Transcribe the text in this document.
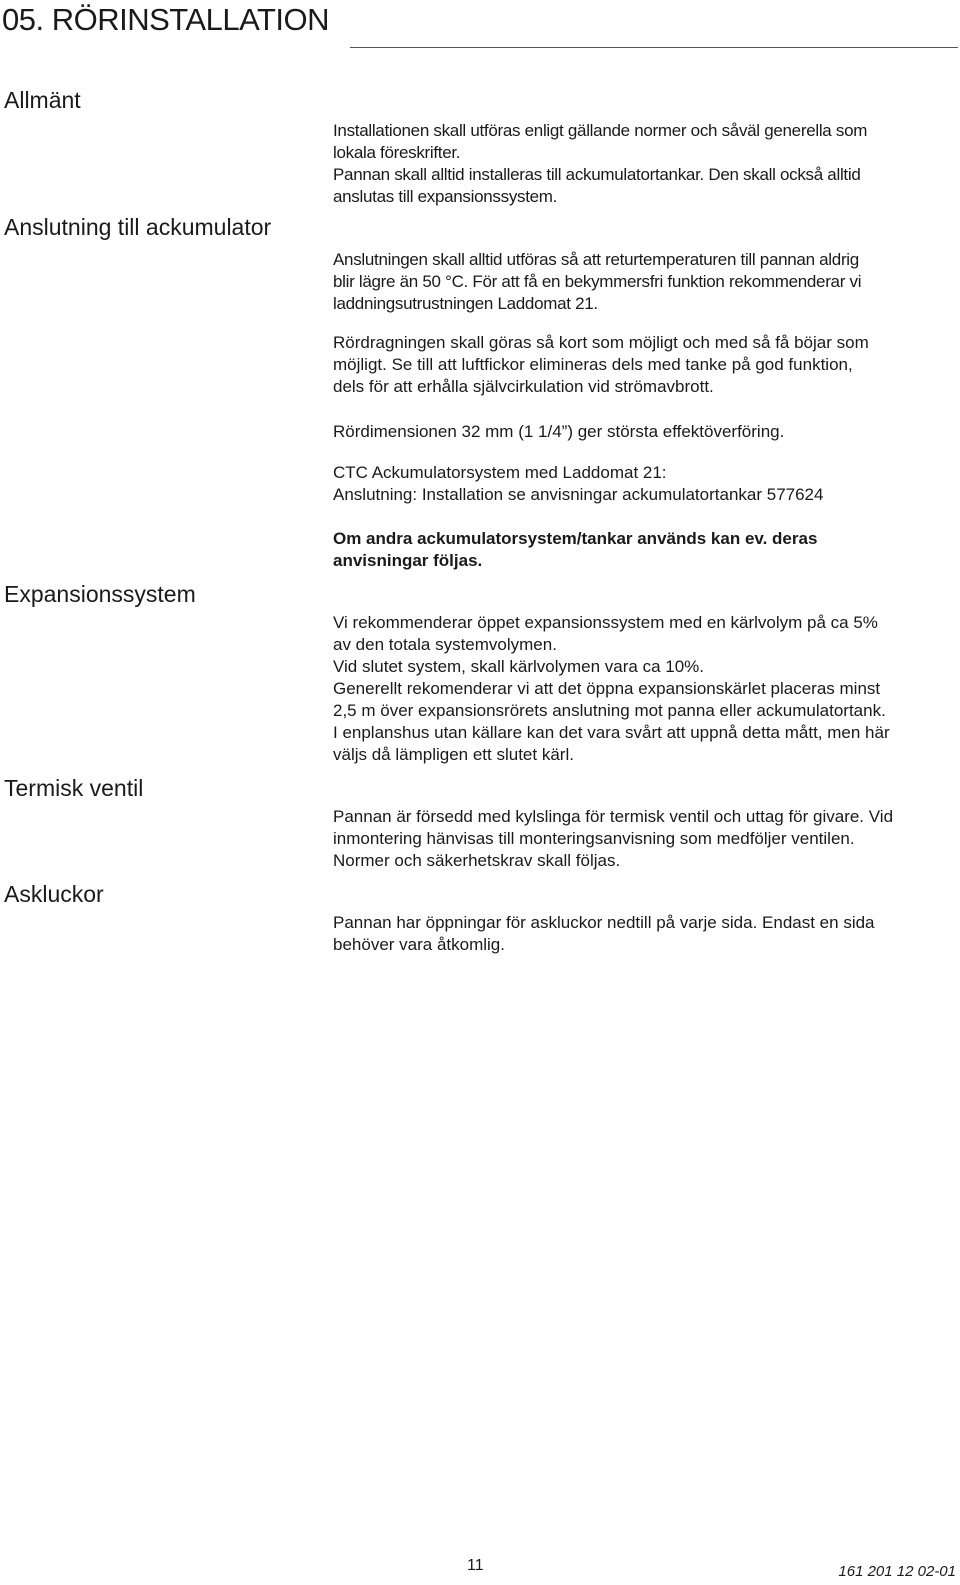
05. RÖRINSTALLATION
Allmänt
Anslutning till ackumulator
Expansionssystem
Termisk ventil
Askluckor
Installationen skall utföras enligt gällande normer och såväl generella som
lokala föreskrifter.
Pannan skall alltid installeras till ackumulatortankar. Den skall också alltid
anslutas till expansionssystem.
Anslutningen skall alltid utföras så att returtemperaturen till pannan aldrig
blir lägre än 50 °C. För att få en bekymmersfri funktion rekommenderar vi
laddningsutrustningen Laddomat 21.
Rördragningen skall göras så kort som möjligt och med så få böjar som
möjligt. Se till att luftfickor elimineras dels med tanke på god funktion,
dels för att erhålla självcirkulation vid strömavbrott.
Rördimensionen 32 mm (1 1/4”) ger största effektöverföring.
CTC Ackumulatorsystem med Laddomat 21:
Anslutning: Installation se anvisningar ackumulatortankar 577624
Om andra ackumulatorsystem/tankar används kan ev. deras
anvisningar följas.
Vi rekommenderar öppet expansionssystem med en kärlvolym på ca 5%
av den totala systemvolymen.
Vid slutet system, skall kärlvolymen vara ca 10%.
Generellt rekomenderar vi att det öppna expansionskärlet placeras minst
2,5 m över expansionsrörets anslutning mot panna eller ackumulatortank.
I enplanshus utan källare kan det vara svårt att uppnå detta mått, men här
väljs då lämpligen ett slutet kärl.
Pannan är försedd med kylslinga för termisk ventil och uttag för givare. Vid
inmontering hänvisas till monteringsanvisning som medföljer ventilen.
Normer och säkerhetskrav skall följas.
Pannan har öppningar för askluckor nedtill på varje sida. Endast en sida
behöver vara åtkomlig.
11	161 201 12 02-01
